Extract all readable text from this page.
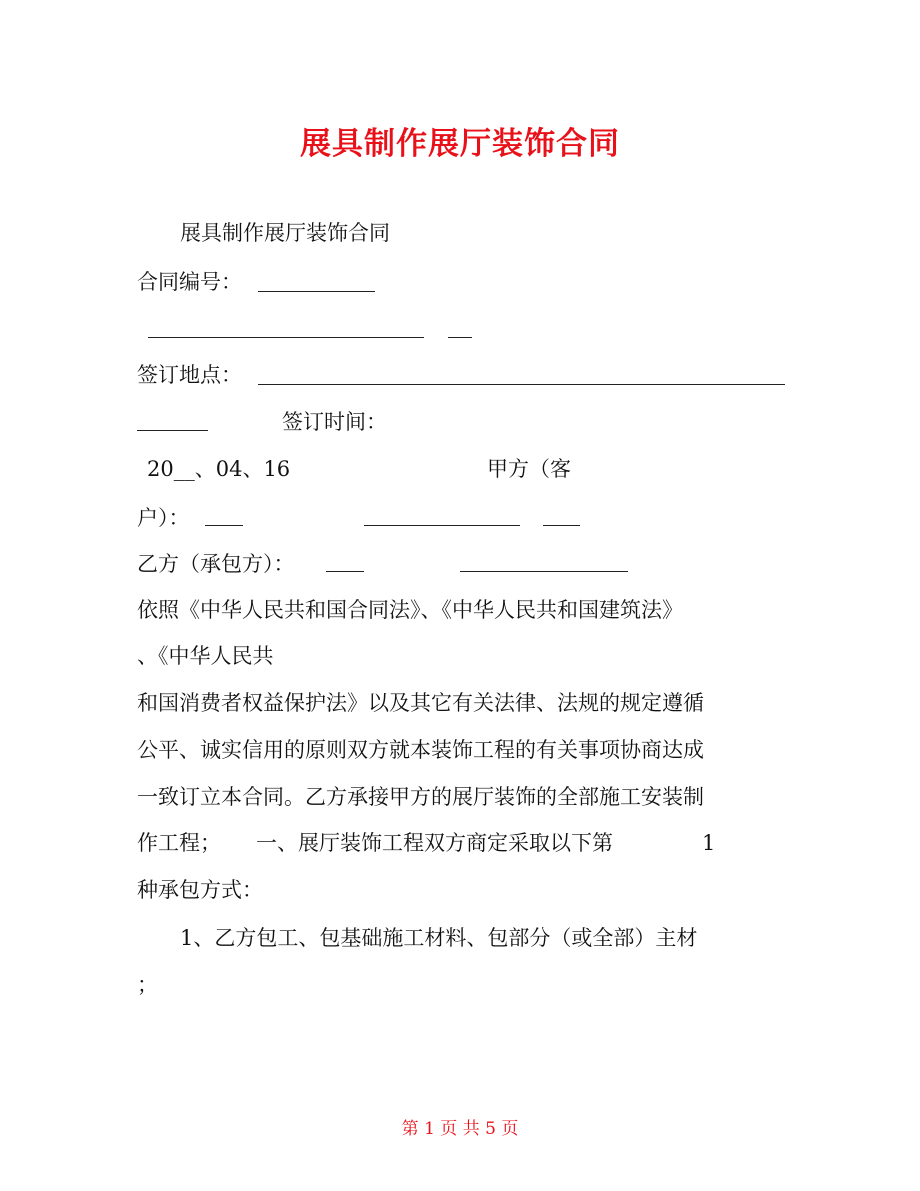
展具制作展厅装饰合同
展具制作展厅装饰合同
合同编号：
签订地点：
签订时间：
20__、04、16	甲方（客
户）：
乙方（承包方）：
依照《中华人民共和国合同法》、《中华人民共和国建筑法》
、《中华人民共
和国消费者权益保护法》以及其它有关法律、法规的规定遵循
公平、诚实信用的原则双方就本装饰工程的有关事项协商达成
一致订立本合同。乙方承接甲方的展厅装饰的全部施工安装制
作工程； 一、展厅装饰工程双方商定采取以下第	1
种承包方式：
1、乙方包工、包基础施工材料、包部分（或全部）主材
；
第 1 页 共 5 页
